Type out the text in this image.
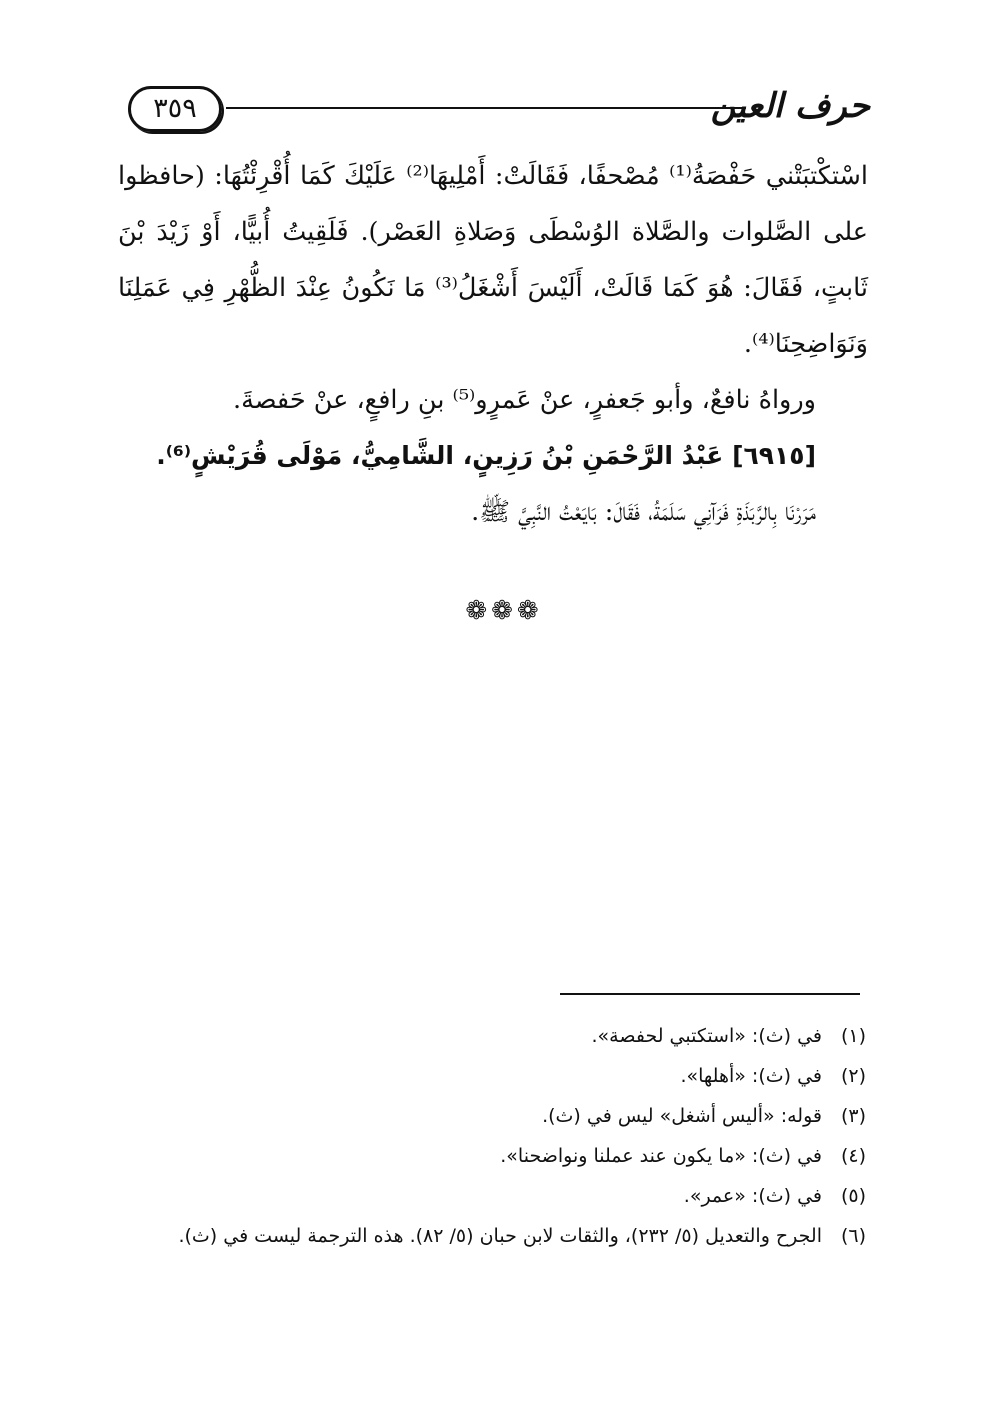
٣٥٩	حرف العين

اسْتكْتبَتْني حَفْصَةُ⁽¹⁾ مُصْحفًا، فَقَالَتْ: أَمْلِيهَا⁽²⁾ عَلَيْكَ كَمَا أُقْرِئْتُهَا: (حافظوا على الصَّلوات والصَّلاة الوُسْطَى وَصَلاةِ العَصْر). فَلَقِيتُ أُبيًّا، أَوْ زَيْدَ بْنَ ثَابتٍ، فَقَالَ: هُوَ كَمَا قَالَتْ، أَلَيْسَ أَشْغَلُ⁽³⁾ مَا نَكُونُ عِنْدَ الظُّهْرِ فِي عَمَلِنَا وَنَوَاضِحِنَا⁽⁴⁾.

ورواهُ نافعٌ، وأبو جَعفرٍ، عنْ عَمرٍو⁽⁵⁾ بنِ رافعٍ، عنْ حَفصةَ.

[٦٩١٥] عَبْدُ الرَّحْمَنِ بْنُ رَزِينٍ، الشَّامِيُّ، مَوْلَى قُرَيْشٍ⁽⁶⁾.

مَرَرْنَا بِالرَّبَذَةِ فَرَآنِي سَلَمَةُ، فَقَالَ: بَايَعْتُ النَّبِيَّ ﷺ.

❁❁❁
(١)
في (ث): «استكتبي لحفصة».
(٢)
في (ث): «أهلها».
(٣)
قوله: «أليس أشغل» ليس في (ث).
(٤)
في (ث): «ما يكون عند عملنا ونواضحنا».
(٥)
في (ث): «عمر».
(٦)
الجرح والتعديل (٥/ ٢٣٢)، والثقات لابن حبان (٥/ ٨٢). هذه الترجمة ليست في (ث).
